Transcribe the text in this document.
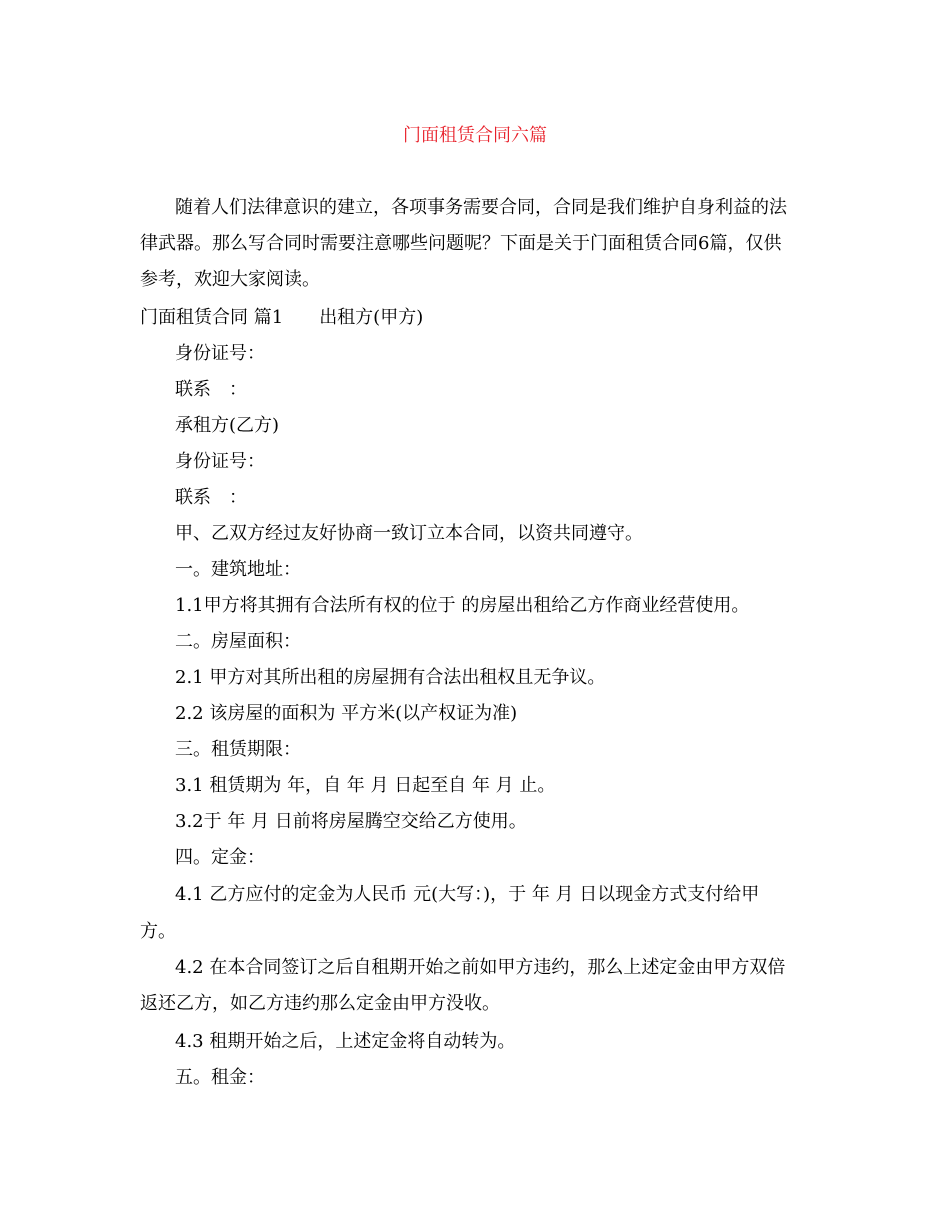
门面租赁合同六篇
随着人们法律意识的建立，各项事务需要合同，合同是我们维护自身利益的法
律武器。那么写合同时需要注意哪些问题呢？下面是关于门面租赁合同6篇，仅供
参考，欢迎大家阅读。
门面租赁合同 篇1 出租方(甲方)
身份证号：
联系　：
承租方(乙方)
身份证号：
联系　：
甲、乙双方经过友好协商一致订立本合同，以资共同遵守。
一。建筑地址：
1.1甲方将其拥有合法所有权的位于 的房屋出租给乙方作商业经营使用。
二。房屋面积：
2.1 甲方对其所出租的房屋拥有合法出租权且无争议。
2.2 该房屋的面积为 平方米(以产权证为准)
三。租赁期限：
3.1 租赁期为 年，自 年 月 日起至自 年 月 止。
3.2于 年 月 日前将房屋腾空交给乙方使用。
四。定金：
4.1 乙方应付的定金为人民币 元(大写：)，于 年 月 日以现金方式支付给甲
方。
4.2 在本合同签订之后自租期开始之前如甲方违约，那么上述定金由甲方双倍
返还乙方，如乙方违约那么定金由甲方没收。
4.3 租期开始之后，上述定金将自动转为。
五。租金：
